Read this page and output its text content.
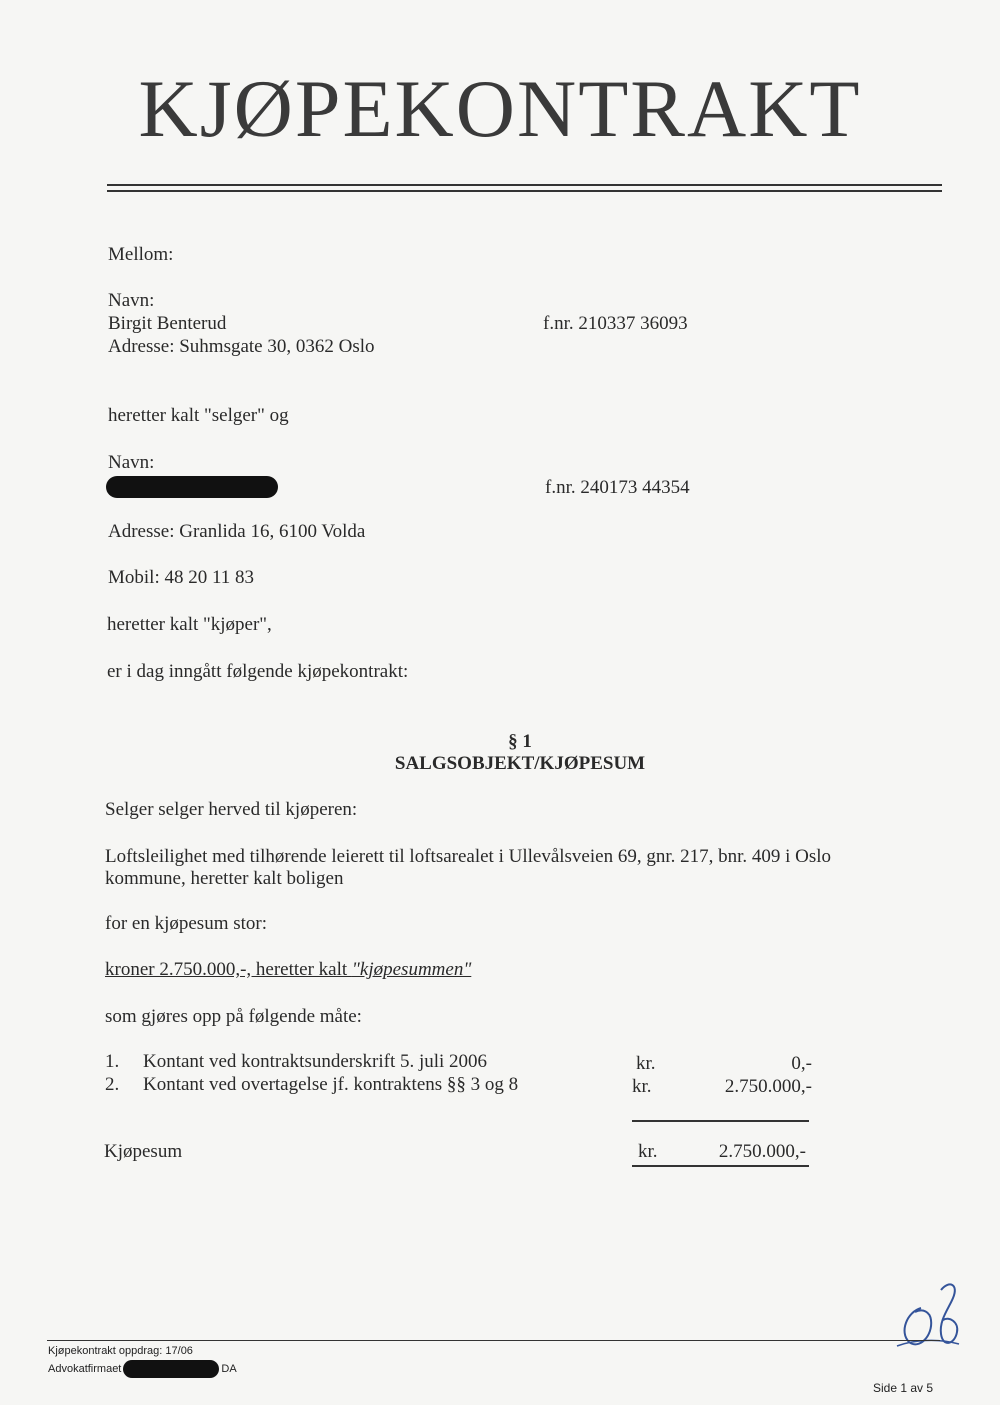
KJØPEKONTRAKT
Mellom:
Navn:
Birgit Benterud	f.nr. 210337 36093
Adresse: Suhmsgate 30, 0362 Oslo
heretter kalt "selger" og
Navn:
f.nr. 240173 44354
Adresse: Granlida 16, 6100 Volda
Mobil: 48 20 11 83
heretter kalt "kjøper",
er i dag inngått følgende kjøpekontrakt:
§ 1
SALGSOBJEKT/KJØPESUM
Selger selger herved til kjøperen:
Loftsleilighet med tilhørende leierett til loftsarealet i Ullevålsveien 69, gnr. 217, bnr. 409 i Oslo
kommune, heretter kalt boligen
for en kjøpesum stor:
kroner 2.750.000,-, heretter kalt "kjøpesummen"
som gjøres opp på følgende måte:
1. Kontant ved kontraktsunderskrift 5. juli 2006	kr.	0,-
2. Kontant ved overtagelse jf. kontraktens §§ 3 og 8	kr.	2.750.000,-
Kjøpesum	kr.	2.750.000,-
Kjøpekontrakt oppdrag: 17/06
Advokatfirmaet	DA
Side 1 av 5
